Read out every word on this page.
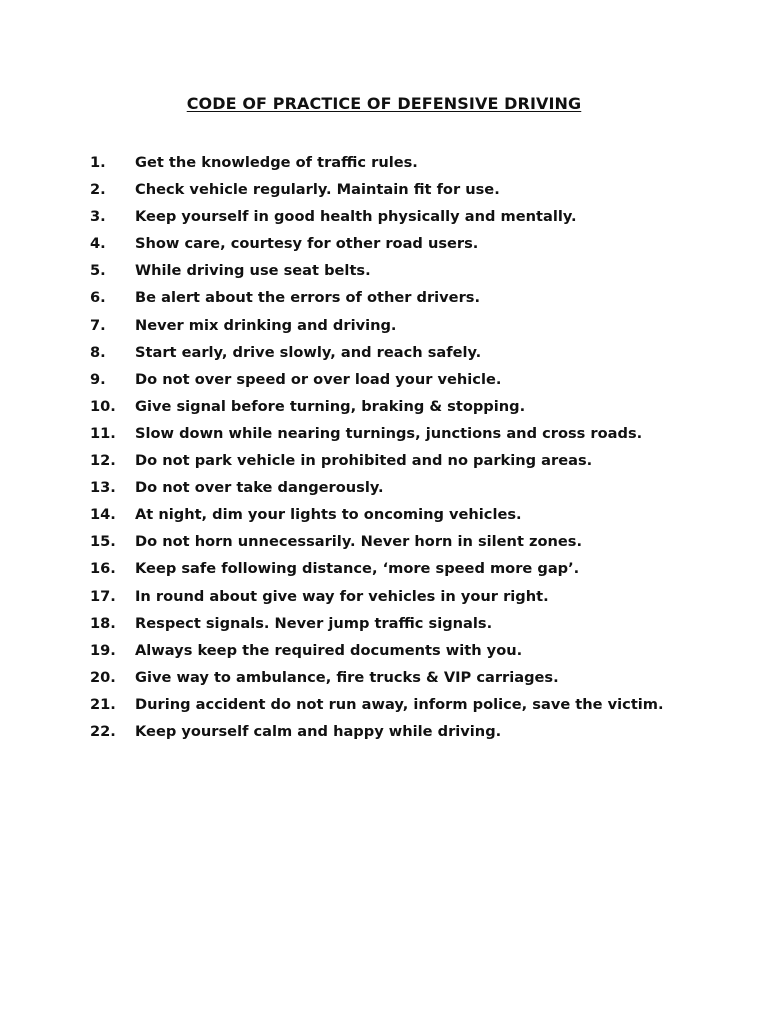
CODE OF PRACTICE OF DEFENSIVE DRIVING
1.	Get the knowledge of traffic rules.
2.	Check vehicle regularly. Maintain fit for use.
3.	Keep yourself in good health physically and mentally.
4.	Show care, courtesy for other road users.
5.	While driving use seat belts.
6.	Be alert about the errors of other drivers.
7.	Never mix drinking and driving.
8.	Start early, drive slowly, and reach safely.
9.	Do not over speed or over load your vehicle.
10.	Give signal before turning, braking & stopping.
11.	Slow down while nearing turnings, junctions and cross roads.
12.	Do not park vehicle in prohibited and no parking areas.
13.	Do not over take dangerously.
14.	At night, dim your lights to oncoming vehicles.
15.	Do not horn unnecessarily. Never horn in silent zones.
16.	Keep safe following distance, ‘more speed more gap’.
17.	In round about give way for vehicles in your right.
18.	Respect signals. Never jump traffic signals.
19.	Always keep the required documents with you.
20.	Give way to ambulance, fire trucks & VIP carriages.
21.	During accident do not run away, inform police, save the victim.
22.	Keep yourself calm and happy while driving.
